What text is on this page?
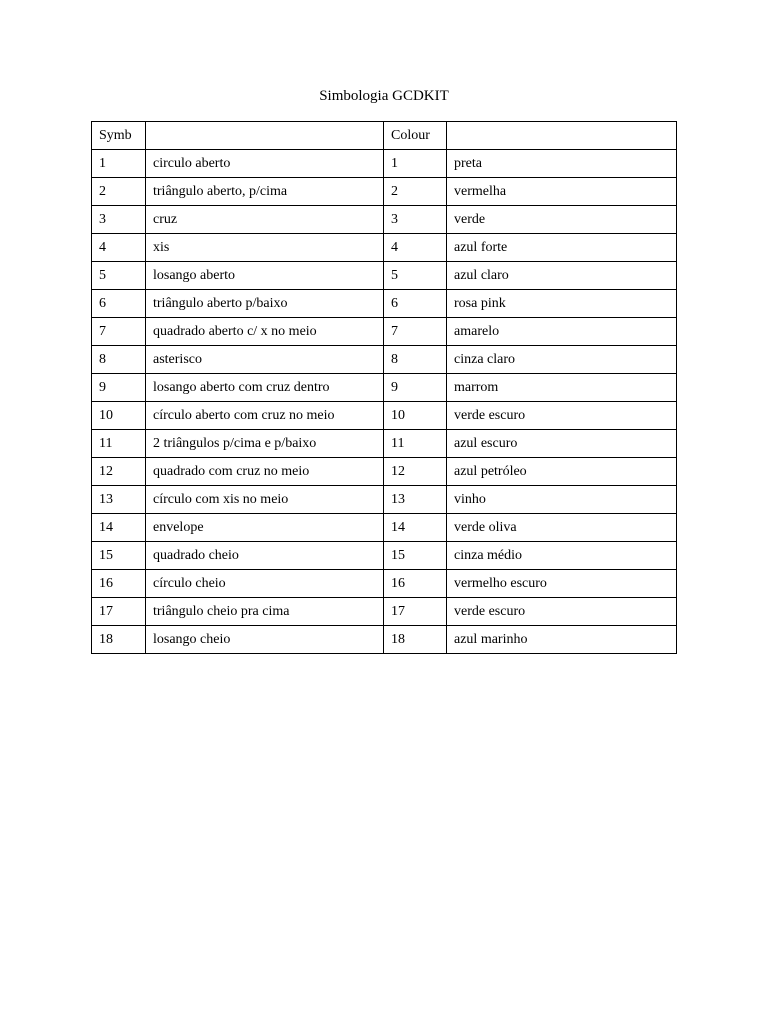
Simbologia GCDKIT
Symb		Colour	
1	circulo aberto	1	preta
2	triângulo aberto, p/cima	2	vermelha
3	cruz	3	verde
4	xis	4	azul forte
5	losango aberto	5	azul claro
6	triângulo aberto p/baixo	6	rosa pink
7	quadrado aberto c/ x no meio	7	amarelo
8	asterisco	8	cinza claro
9	losango aberto com cruz dentro	9	marrom
10	círculo aberto com cruz no meio	10	verde escuro
11	2 triângulos p/cima e p/baixo	11	azul escuro
12	quadrado com cruz no meio	12	azul petróleo
13	círculo com xis no meio	13	vinho
14	envelope	14	verde oliva
15	quadrado cheio	15	cinza médio
16	círculo cheio	16	vermelho escuro
17	triângulo cheio pra cima	17	verde escuro
18	losango cheio	18	azul marinho
